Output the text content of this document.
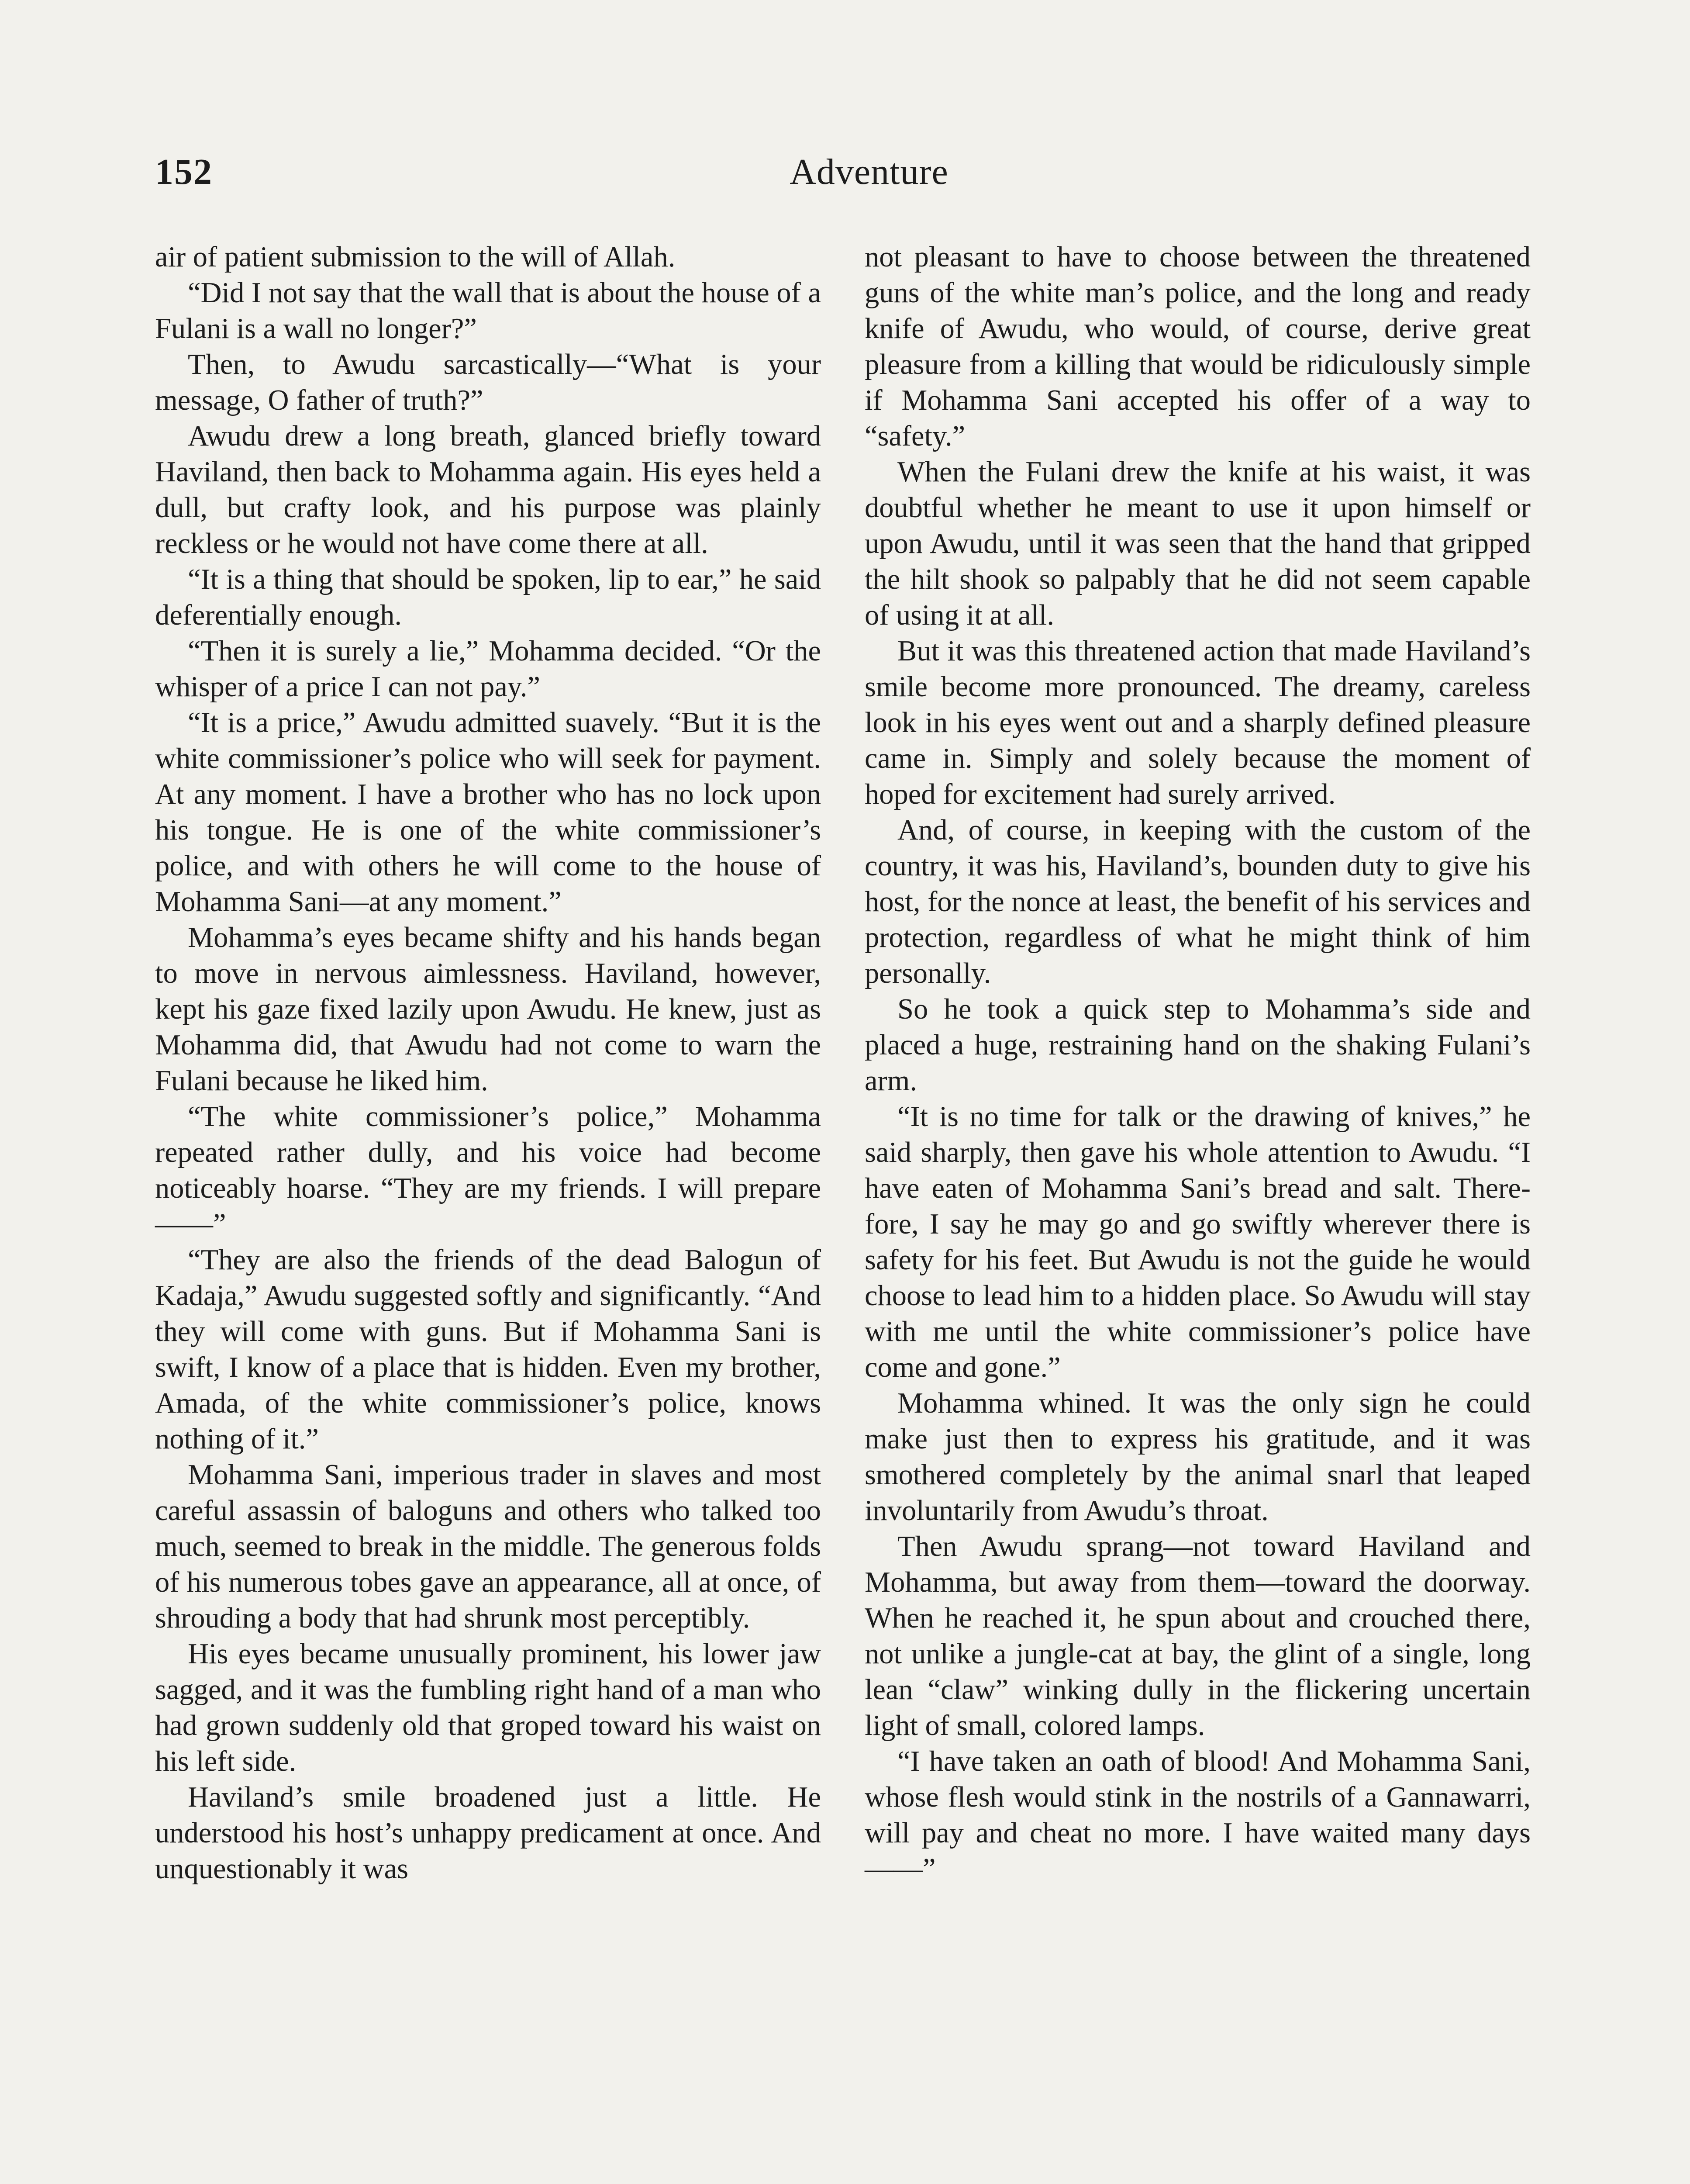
152	Adventure

air of patient submission to the will of Allah.

“Did I not say that the wall that is about the house of a Fulani is a wall no longer?”

Then, to Awudu sarcastically—“What is your message, O father of truth?”

Awudu drew a long breath, glanced briefly toward Haviland, then back to Mohamma again. His eyes held a dull, but crafty look, and his purpose was plainly reckless or he would not have come there at all.

“It is a thing that should be spoken, lip to ear,” he said deferentially enough.

“Then it is surely a lie,” Mohamma decided. “Or the whisper of a price I can not pay.”

“It is a price,” Awudu admitted suavely. “But it is the white commissioner’s police who will seek for payment. At any moment. I have a brother who has no lock upon his tongue. He is one of the white commissioner’s police, and with others he will come to the house of Mohamma Sani—at any moment.”

Mohamma’s eyes became shifty and his hands began to move in nervous aimlessness. Haviland, however, kept his gaze fixed lazily upon Awudu. He knew, just as Mohamma did, that Awudu had not come to warn the Fulani because he liked him.

“The white commissioner’s police,” Mohamma repeated rather dully, and his voice had become noticeably hoarse. “They are my friends. I will prepare——”

“They are also the friends of the dead Balogun of Kadaja,” Awudu suggested softly and significantly. “And they will come with guns. But if Mohamma Sani is swift, I know of a place that is hidden. Even my brother, Amada, of the white commissioner’s police, knows nothing of it.”

Mohamma Sani, imperious trader in slaves and most careful assassin of baloguns and others who talked too much, seemed to break in the middle. The generous folds of his numerous tobes gave an appearance, all at once, of shrouding a body that had shrunk most perceptibly.

His eyes became unusually prominent, his lower jaw sagged, and it was the fumbling right hand of a man who had grown suddenly old that groped toward his waist on his left side.

Haviland’s smile broadened just a little. He understood his host’s unhappy predicament at once. And unquestionably it was

not pleasant to have to choose between the threatened guns of the white man’s police, and the long and ready knife of Awudu, who would, of course, derive great pleasure from a killing that would be ridiculously simple if Mohamma Sani accepted his offer of a way to “safety.”

When the Fulani drew the knife at his waist, it was doubtful whether he meant to use it upon himself or upon Awudu, until it was seen that the hand that gripped the hilt shook so palpably that he did not seem capable of using it at all.

But it was this threatened action that made Haviland’s smile become more pronounced. The dreamy, careless look in his eyes went out and a sharply defined pleasure came in. Simply and solely because the moment of hoped for excitement had surely arrived.

And, of course, in keeping with the custom of the country, it was his, Haviland’s, bounden duty to give his host, for the nonce at least, the benefit of his services and protection, regardless of what he might think of him personally.

So he took a quick step to Mohamma’s side and placed a huge, restraining hand on the shaking Fulani’s arm.

“It is no time for talk or the drawing of knives,” he said sharply, then gave his whole attention to Awudu. “I have eaten of Mohamma Sani’s bread and salt. Therefore, I say he may go and go swiftly wherever there is safety for his feet. But Awudu is not the guide he would choose to lead him to a hidden place. So Awudu will stay with me until the white commissioner’s police have come and gone.”

Mohamma whined. It was the only sign he could make just then to express his gratitude, and it was smothered completely by the animal snarl that leaped involuntarily from Awudu’s throat.

Then Awudu sprang—not toward Haviland and Mohamma, but away from them—toward the doorway. When he reached it, he spun about and crouched there, not unlike a jungle-cat at bay, the glint of a single, long lean “claw” winking dully in the flickering uncertain light of small, colored lamps.

“I have taken an oath of blood! And Mohamma Sani, whose flesh would stink in the nostrils of a Gannawarri, will pay and cheat no more. I have waited many days——”
